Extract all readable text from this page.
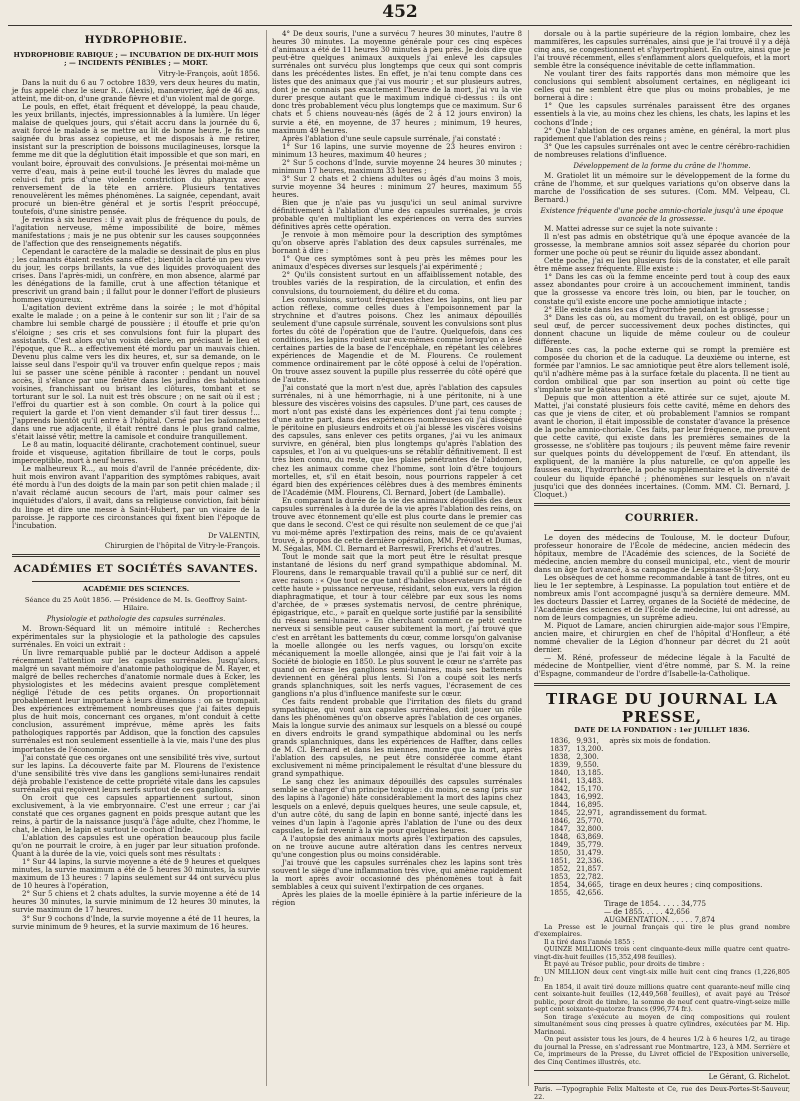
452
HYDROPHOBIE.
HYDROPHOBIE RABIQUE ; — INCUBATION DE DIX-HUIT MOIS ; — INCIDENTS PÉNIBLES ; — MORT.
Vitry-le-François, août 1856.

Dans la nuit du 6 au 7 octobre 1839, vers deux heures du matin, je fus appelé chez le sieur R... (Alexis), manœuvrier, âgé de 46 ans, atteint, me dit-on, d'une grande fièvre et d'un violent mal de gorge.

Le pouls, en effet, était fréquent et développé, la peau chaude, les yeux brillants, injectés, impressionnables à la lumière. Un léger malaise de quelques jours, qui s'était accru dans la journée du 6, avait forcé le malade à se mettre au lit de bonne heure. Je fis une saignée du bras assez copieuse, et me disposais à me retirer, insistant sur la prescription de boissons mucilagineuses, lorsque la femme me dit que la déglutition était impossible et que son mari, en voulant boire, éprouvait des convulsions. Je présentai moi-même un verre d'eau, mais à peine eut-il touché les lèvres du malade que celui-ci fut pris d'une violente constriction du pharynx avec renversement de la tête en arrière. Plusieurs tentatives renouvelèrent les mêmes phénomènes. La saignée, cependant, avait procuré un bien-être général et je sortis l'esprit préoccupé, toutefois, d'une sinistre pensée.

Je revins à six heures : il y avait plus de fréquence du pouls, de l'agitation nerveuse, même impossibilité de boire, mêmes manifestations ; mais je ne pus obtenir sur les causes soupçonnées de l'affection que des renseignements négatifs.

Cependant le caractère de la maladie se dessinait de plus en plus ; les calmants étaient restés sans effet ; bientôt la clarté un peu vive du jour, les corps brillants, la vue des liquides provoquaient des crises. Dans l'après-midi, un confrère, en mon absence, alarmé par les dénégations de la famille, crut à une affection tétanique et prescrivit un grand bain ; il fallut pour le donner l'effort de plusieurs hommes vigoureux.

L'agitation devient extrême dans la soirée ; le mot d'hôpital exalte le malade ; on a peine à le contenir sur son lit ; l'air de sa chambre lui semble chargé de poussière ; il étouffe et prie qu'on s'éloigne ; ses cris et ses convulsions font fuir la plupart des assistants. C'est alors qu'un voisin déclare, en précisant le lieu et l'époque, que R... a effectivement été mordu par un mauvais chien. Devenu plus calme vers les dix heures, et, sur sa demande, on le laisse seul dans l'espoir qu'il va trouver enfin quelque repos ; mais lui se passer une scène pénible à raconter : pendant un nouvel accès, il s'élance par une fenêtre dans les jardins des habitations voisines, franchissant ou brisant les clôtures, tombant et se torturant sur le sol. La nuit est très obscure ; on ne sait où il est ; l'effroi du quartier est à son comble. On court à la police qui requiert la garde et l'on vient demander s'il faut tirer dessus !... J'apprends bientôt qu'il entre à l'hôpital. Cerné par les baïonnettes dans une rue adjacente, il était rentré dans le plus grand calme, s'était laissé vêtir, mettre la camisole et conduire tranquillement.

Le 8 au matin, loquacité délirante, crachotement continuel, sueur froide et visqueuse, agitation fibrillaire de tout le corps, pouls imperceptible, mort à neuf heures.

Le malheureux R..., au mois d'avril de l'année précédente, dix-huit mois environ avant l'apparition des symptômes rabiques, avait été mordu à l'un des doigts de la main par son petit chien malade ; il n'avait réclamé aucun secours de l'art, mais pour calmer ses inquiétudes d'alors, il avait, dans sa religieuse conviction, fait bénir du linge et dire une messe à Saint-Hubert, par un vicaire de la paroisse. Je rapporte ces circonstances qui fixent bien l'époque de l'incubation.

Dr VALENTIN,
Chirurgien de l'hôpital de Vitry-le-François.
ACADÉMIES ET SOCIÉTÉS SAVANTES.
ACADÉMIE DES SCIENCES.
Séance du 25 Août 1856. — Présidence de M. Is. Geoffroy Saint-Hilaire.
Physiologie et pathologie des capsules surrénales.

M. Brown-Séquard lit un mémoire intitulé : Recherches expérimentales sur la physiologie et la pathologie des capsules surrénales. En voici un extrait :

Un livre remarquable publié par le docteur Addison a appelé récemment l'attention sur les capsules surrénales. Jusqu'alors, malgré un savant mémoire d'anatomie pathologique de M. Rayer, et malgré de belles recherches d'anatomie normale dues à Ecker, les physiologistes et les médecins avaient presque complètement négligé l'étude de ces petits organes. On proportionnait probablement leur importance à leurs dimensions : on se trompait. Des expériences extrêmement nombreuses que j'ai faites depuis plus de huit mois, concernant ces organes, m'ont conduit à cette conclusion, assurément imprévue, même après les faits pathologiques rapportés par Addison, que la fonction des capsules surrénales est non seulement essentielle à la vie, mais l'une des plus importantes de l'économie.

J'ai constaté que ces organes ont une sensibilité très vive, surtout sur les lapins. La découverte faite par M. Flourens de l'existence d'une sensibilité très vive dans les ganglions semi-lunaires rendait déjà probable l'existence de cette propriété vitale dans les capsules surrénales qui reçoivent leurs nerfs surtout de ces ganglions.

On croit que ces capsules appartiennent surtout, sinon exclusivement, à la vie embryonnaire. C'est une erreur ; car j'ai constaté que ces organes gagnent en poids presque autant que les reins, à partir de la naissance jusqu'à l'âge adulte, chez l'homme, le chat, le chien, le lapin et surtout le cochon d'Inde.

L'ablation des capsules est une opération beaucoup plus facile qu'on ne pourrait le croire, à en juger par leur situation profonde. Quant à la durée de la vie, voici quels sont mes résultats :

1° Sur 44 lapins, la survie moyenne a été de 9 heures et quelques minutes, la survie maximum a été de 5 heures 30 minutes, la survie maximum de 13 heures : 7 lapins seulement sur 44 ont survécu plus de 10 heures à l'opération,

2° Sur 5 chiens et 2 chats adultes, la survie moyenne a été de 14 heures 30 minutes, la survie minimum de 12 heures 30 minutes, la survie maximum de 17 heures.

3° Sur 9 cochons d'Inde, la survie moyenne a été de 11 heures, la survie minimum de 9 heures, et la survie maximum de 16 heures.

4° De deux souris, l'une a survécu 7 heures 30 minutes, l'autre 8 heures 30 minutes. La moyenne générale pour ces cinq espèces d'animaux a été de 11 heures 30 minutes à peu près. Je dois dire que peut-être quelques animaux auxquels j'ai enlevé les capsules surrénales ont survécu plus longtemps que ceux qui sont compris dans les précédentes listes. En effet, je n'ai tenu compte dans ces listes que des animaux que j'ai vus mourir ; et sur plusieurs autres, dont je ne connais pas exactement l'heure de la mort, j'ai vu la vie durer presque autant que le maximum indiqué ci-dessus : ils ont donc très probablement vécu plus longtemps que ce maximum. Sur 6 chats et 5 chiens nouveau-nés (âgés de 2 à 12 jours environ) la survie a été, en moyenne, de 37 heures ; minimum, 19 heures, maximum 49 heures.

Après l'ablation d'une seule capsule surrénale, j'ai constaté :

1° Sur 16 lapins, une survie moyenne de 23 heures environ : minimum 13 heures, maximum 40 heures ;

2° Sur 5 cochons d'Inde, survie moyenne 24 heures 30 minutes ; minimum 17 heures, maximum 33 heures ;

3° Sur 2 chats et 2 chiens adultes ou âgés d'au moins 3 mois, survie moyenne 34 heures : minimum 27 heures, maximum 55 heures.

Bien que je n'aie pas vu jusqu'ici un seul animal survivre définitivement à l'ablation d'une des capsules surrénales, je crois probable qu'en multipliant les expériences on verra des survies définitives après cette opération.

Je renvoie à mon mémoire pour la description des symptômes qu'on observe après l'ablation des deux capsules surrénales, me bornant à dire :

1° Que ces symptômes sont à peu près les mêmes pour les animaux d'espèces diverses sur lesquels j'ai expérimenté ;

2° Qu'ils consistent surtout en un affaiblissement notable, des troubles variés de la respiration, de la circulation, et enfin des convulsions, du tournoiement, du délire et du coma.

Les convulsions, surtout fréquentes chez les lapins, ont lieu par action réflexe, comme celles dues à l'empoisonnement par la strychnine et d'autres poisons. Chez les animaux dépouillés seulement d'une capsule surrénale, souvent les convulsions sont plus fortes du côté de l'opération que de l'autre. Quelquefois, dans ces conditions, les lapins roulent sur eux-mêmes comme lorsqu'on a lésé certaines parties de la base de l'encéphale, en répétant les célèbres expériences de Magendie et de M. Flourens. Ce roulement commence ordinairement par le côté opposé à celui de l'opération. On trouve assez souvent la pupille plus resserrée du côté opéré que de l'autre.

J'ai constaté que la mort n'est due, après l'ablation des capsules surrénales, ni à une hémorrhagie, ni à une péritonite, ni à une blessure des viscères voisins des capsules. D'une part, ces causes de mort n'ont pas existé dans les expériences dont j'ai tenu compte ; d'une autre part, dans des expériences nombreuses où j'ai disséqué le péritoine en plusieurs endroits et où j'ai blessé les viscères voisins des capsules, sans enlever ces petits organes, j'ai vu les animaux survivre, en général, bien plus longtemps qu'après l'ablation des capsules, et l'on ai vu quelques-uns se rétablir définitivement. Il est très bien connu, du reste, que les plaies pénétrantes de l'abdomen, chez les animaux comme chez l'homme, sont loin d'être toujours mortelles, et, s'il en était besoin, nous pourrions rappeler à cet égard bien des expériences célèbres dues à des membres éminents de l'Académie (MM. Flourens, Cl. Bernard, Jobert (de Lamballe).

En comparant la durée de la vie des animaux dépouillés des deux capsules surrénales à la durée de la vie après l'ablation des reins, on trouve avec étonnement qu'elle est plus courte dans le premier cas que dans le second. C'est ce qui résulte non seulement de ce que j'ai vu moi-même après l'extirpation des reins, mais de ce qu'avaient trouvé, à propos de cette dernière opération, MM. Prévost et Dumas, M. Ségalas, MM. Cl. Bernard et Barreswil, Frerichs et d'autres.

Tout le monde sait que la mort peut être le résultat presque instantané de lésions du nerf grand sympathique abdominal. M. Flourens, dans le remarquable travail qu'il a publié sur ce nerf, dit avec raison : « Que tout ce que tant d'habiles observateurs ont dit de cette haute » puissance nerveuse, résidant, selon eux, vers la région diaphragmatique, et tour à tour célèbre par eux sous les noms d'archée, de » præses systematis nervosi, de centre phrénique, épigastrique, etc., » paraît en quelque sorte justifié par la sensibilité du réseau semi-lunaire. » En cherchant comment ce petit centre nerveux si sensible peut causer subitement la mort, j'ai trouvé que c'est en arrêtant les battements du cœur, comme lorsqu'on galvanise la moelle allongée ou les nerfs vagues, ou lorsqu'on excite mécaniquement la moelle allongée, ainsi que je l'ai fait voir à la Société de biologie en 1850. Le plus souvent le cœur ne s'arrête pas quand on écrase les ganglions semi-lunaires, mais ses battements deviennent en général plus lents. Si l'on a coupé soit les nerfs grands splanchniques, soit les nerfs vagues, l'écrasement de ces ganglions n'a plus d'influence manifeste sur le cœur.

Ces faits rendent probable que l'irritation des filets du grand sympathique, qui vont aux capsules surrénales, doit jouer un rôle dans les phénomènes qu'on observe après l'ablation de ces organes. Mais la longue survie des animaux sur lesquels on a blessé ou coupé en divers endroits le grand sympathique abdominal ou les nerfs grands splanchniques, dans les expériences de Haffter, dans celles de M. Cl. Bernard et dans les miennes, montre que la mort, après l'ablation des capsules, ne peut être considérée comme étant exclusivement ni même principalement le résultat d'une blessure du grand sympathique.

Le sang chez les animaux dépouillés des capsules surrénales semble se charger d'un principe toxique : du moins, ce sang (pris sur des lapins à l'agonie) hâte considérablement la mort des lapins chez lesquels on a enlevé, depuis quelques heures, une seule capsule, et, d'un autre côté, du sang de lapin en bonne santé, injecté dans les veines d'un lapin à l'agonie après l'ablation de l'une ou des deux capsules, le fait revenir à la vie pour quelques heures.

A l'autopsie des animaux morts après l'extirpation des capsules, on ne trouve aucune autre altération dans les centres nerveux qu'une congestion plus ou moins considérable.

J'ai trouvé que les capsules surrénales chez les lapins sont très souvent le siège d'une inflammation très vive, qui amène rapidement la mort après avoir occasionné des phénomènes tout à fait semblables à ceux qui suivent l'extirpation de ces organes.

Après les plaies de la moelle épinière à la partie inférieure de la région

dorsale ou à la partie supérieure de la région lombaire, chez les mammifères, les capsules surrénales, ainsi que je l'ai trouvé il y a déjà cinq ans, se congestionnent et s'hypertrophient. En outre, ainsi que je l'ai trouvé récemment, elles s'enflamment alors quelquefois, et la mort semble être la conséquence inévitable de cette inflammation.

Ne voulant tirer des faits rapportés dans mon mémoire que les conclusions qui semblent absolument certaines, en négligeant ici celles qui ne semblent être que plus ou moins probables, je me bornerai à dire :

1° Que les capsules surrénales paraissent être des organes essentiels à la vie, au moins chez les chiens, les chats, les lapins et les cochons d'Inde ;

2° Que l'ablation de ces organes amène, en général, la mort plus rapidement que l'ablation des reins ;

3° Que les capsules surrénales ont avec le centre cérébro-rachidien de nombreuses relations d'influence.

Développement de la forme du crâne de l'homme.

M. Gratiolet lit un mémoire sur le développement de la forme du crâne de l'homme, et sur quelques variations qu'on observe dans la marche de l'ossification de ses sutures. (Com. MM. Velpeau, Cl. Bernard.)

Existence fréquente d'une poche amnio-choriale jusqu'à une époque avancée de la grossesse.

M. Mattei adresse sur ce sujet la note suivante :

Il n'est pas admis en obstétrique qu'à une époque avancée de la grossesse, la membrane amnios soit assez séparée du chorion pour former une poche où peut se réunir du liquide assez abondant.

Cette poche, j'ai eu lieu plusieurs fois de la constater, et elle paraît être même assez fréquente. Elle existe :

1° Dans les cas où la femme enceinte perd tout à coup des eaux assez abondantes pour croire à un accouchement imminent, tandis que la grossesse va encore très loin, ou bien, par le toucher, on constate qu'il existe encore une poche amniotique intacte ;

2° Elle existe dans les cas d'hydrorrhée pendant la grossesse ;

3° Dans les cas où, au moment du travail, on est obligé, pour un seul œuf, de percer successivement deux poches distinctes, qui donnent chacune un liquide de même couleur ou de couleur différente.

Dans ces cas, la poche externe qui se rompt la première est composée du chorion et de la caduque. La deuxième ou interne, est formée par l'amnios. Le sac amniotique peut être alors tellement isolé, qu'il n'adhère même pas à la surface fœtale du placenta. Il ne tient au cordon ombilical que par son insertion au point où cette tige s'implante sur le gâteau placentaire.

Depuis que mon attention a été attirée sur ce sujet, ajoute M. Mattei, j'ai constaté plusieurs fois cette cavité, même en dehors des cas que je viens de citer, et où probablement l'amnios se rompant avant le chorion, il était impossible de constater d'avance la présence de la poche amnio-choriale. Ces faits, par leur fréquence, me prouvent que cette cavité, qui existe dans les premières semaines de la grossesse, ne s'oblitère pas toujours ; ils peuvent même faire revenir sur quelques points du développement de l'œuf. En attendant, ils expliquent, de la manière la plus naturelle, ce qu'on appelle les fausses eaux, l'hydrorrhée, la poche supplémentaire et la diversité de couleur du liquide épanché ; phénomènes sur lesquels on n'avait jusqu'ici que des données incertaines. (Comm. MM. Cl. Bernard, J. Cloquet.)

COURRIER.

Le doyen des médecins de Toulouse, M. le docteur Dufour, professeur honoraire de l'École de médecine, ancien médecin des hôpitaux, membre de l'Académie des sciences, de la Société de médecine, ancien membre du conseil municipal, etc., vient de mourir dans un âge fort avancé, à sa campagne de Lespinasse-St-Jory.

Les obsèques de cet homme recommandable à tant de titres, ont eu lieu le 1er septembre, à Lespinasse. La population tout entière et de nombreux amis l'ont accompagné jusqu'à sa dernière demeure. MM. les docteurs Dassier et Larrey, organes de la Société de médecine, de l'Académie des sciences et de l'École de médecine, lui ont adressé, au nom de leurs compagnies, un suprême adieu.

M. Piquot de Lamare, ancien chirurgien aide-major sous l'Empire, ancien maire, et chirurgien en chef de l'hôpital d'Honfleur, a été nommé chevalier de la Légion d'honneur par décret du 21 août dernier.

— M. Réné, professeur de médecine légale à la Faculté de médecine de Montpellier, vient d'être nommé, par S. M. la reine d'Espagne, commandeur de l'ordre d'Isabelle-la-Catholique.

TIRAGE DU JOURNAL LA PRESSE,
DATE DE LA FONDATION : 1er JUILLET 1836.
1836,	9,931,	après six mois de fondation.
1837,	13,200.	
1838,	2,300.	
1839,	9,550.	
1840,	13,185.	
1841,	13,483.	
1842,	15,170.	
1843,	16,992.	
1844,	16,895.	
1845,	22,971,	agrandissement du format.
1846,	25,770.	
1847,	32,800.	
1848,	63,869.	
1849,	35,779.	
1850,	31,479.	
1851,	22,336.	
1852,	21,857.	
1853,	22,782.	
1854,	34,665,	tirage en deux heures ; cinq compositions.
1855,	42,656.	
Tirage de 1854. . . . . 34,775
— de 1855. . . . . 42,656
AUGMENTATION. . . . . . 7,874

La Presse est le journal français qui tire le plus grand nombre d'exemplaires.

Il a tiré dans l'année 1855 :

QUINZE MILLIONS trois cent cinquante-deux mille quatre cent quatre-vingt-dix-huit feuilles (15,352,498 feuilles).

Et payé au Trésor public, pour droits de timbre :

UN MILLION deux cent vingt-six mille huit cent cinq francs (1,226,805 fr.)

En 1854, il avait tiré douze millions quatre cent quarante-neuf mille cinq cent soixante-huit feuilles (12,449,568 feuilles), et avait payé au Trésor public, pour droit de timbre, la somme de neuf cent quatre-vingt-seize mille sept cent soixante-quatorze francs (996,774 fr.).

Son tirage s'exécute au moyen de cinq compositions qui roulent simultanément sous cinq presses à quatre cylindres, exécutées par M. Hip. Marinoni.

On peut assister tous les jours, de 4 heures 1/2 à 6 heures 1/2, au tirage du journal la Presse, en s'adressant rue Montmartre, 123, à MM. Serrière et Ce, imprimeurs de la Presse, du Livret officiel de l'Exposition universelle, des Cinq Centimes illustrés, etc.

Le Gérant, G. Richelot.
Paris. —Typographie Felix Malteste et Ce, rue des Deux-Portes-St-Sauveur, 22.
